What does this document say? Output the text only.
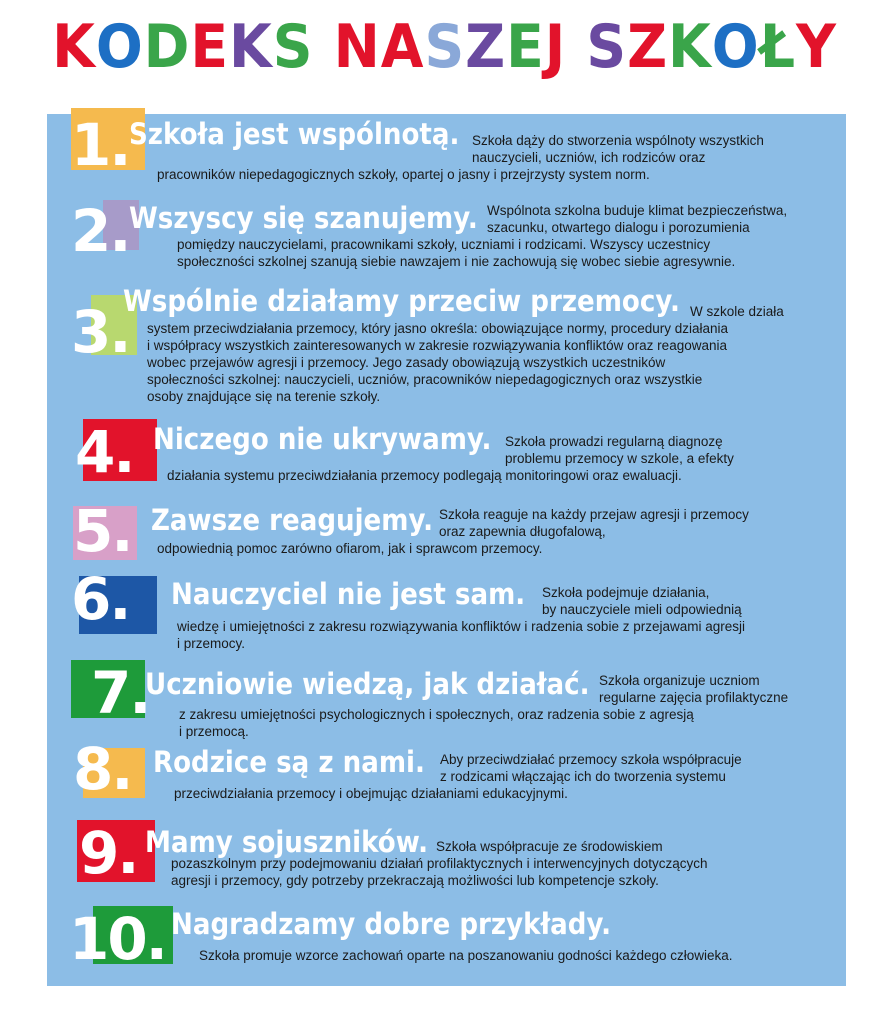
KODEKS NASZEJ SZKOŁY
1. Szkoła jest wspólnotą. Szkoła dąży do stworzenia wspólnoty wszystkich
nauczycieli, uczniów, ich rodziców oraz
pracowników niepedagogicznych szkoły, opartej o jasny i przejrzysty system norm.
2. Wszyscy się szanujemy. Wspólnota szkolna buduje klimat bezpieczeństwa,
szacunku, otwartego dialogu i porozumienia
pomiędzy nauczycielami, pracownikami szkoły, uczniami i rodzicami. Wszyscy uczestnicy
społeczności szkolnej szanują siebie nawzajem i nie zachowują się wobec siebie agresywnie.
3.
Wspólnie działamy przeciw przemocy. W szkole działa
system przeciwdziałania przemocy, który jasno określa: obowiązujące normy, procedury działania
i współpracy wszystkich zainteresowanych w zakresie rozwiązywania konfliktów oraz reagowania
wobec przejawów agresji i przemocy. Jego zasady obowiązują wszystkich uczestników
społeczności szkolnej: nauczycieli, uczniów, pracowników niepedagogicznych oraz wszystkie
osoby znajdujące się na terenie szkoły.
4. Niczego nie ukrywamy. Szkoła prowadzi regularną diagnozę
problemu przemocy w szkole, a efekty
działania systemu przeciwdziałania przemocy podlegają monitoringowi oraz ewaluacji.
5. Zawsze reagujemy. Szkoła reaguje na każdy przejaw agresji i przemocy
oraz zapewnia długofalową,
odpowiednią pomoc zarówno ofiarom, jak i sprawcom przemocy.
6. Nauczyciel nie jest sam. Szkoła podejmuje działania,
by nauczyciele mieli odpowiednią
wiedzę i umiejętności z zakresu rozwiązywania konfliktów i radzenia sobie z przejawami agresji
i przemocy.
7.
Uczniowie wiedzą, jak działać. Szkoła organizuje uczniom
regularne zajęcia profilaktyczne
z zakresu umiejętności psychologicznych i społecznych, oraz radzenia sobie z agresją
i przemocą.
8. Rodzice są z nami. Aby przeciwdziałać przemocy szkoła współpracuje
z rodzicami włączając ich do tworzenia systemu
przeciwdziałania przemocy i obejmując działaniami edukacyjnymi.
9. Mamy sojuszników. Szkoła współpracuje ze środowiskiem
pozaszkolnym przy podejmowaniu działań profilaktycznych i interwencyjnych dotyczących
agresji i przemocy, gdy potrzeby przekraczają możliwości lub kompetencje szkoły.
10. Nagradzamy dobre przykłady.
Szkoła promuje wzorce zachowań oparte na poszanowaniu godności każdego człowieka.
